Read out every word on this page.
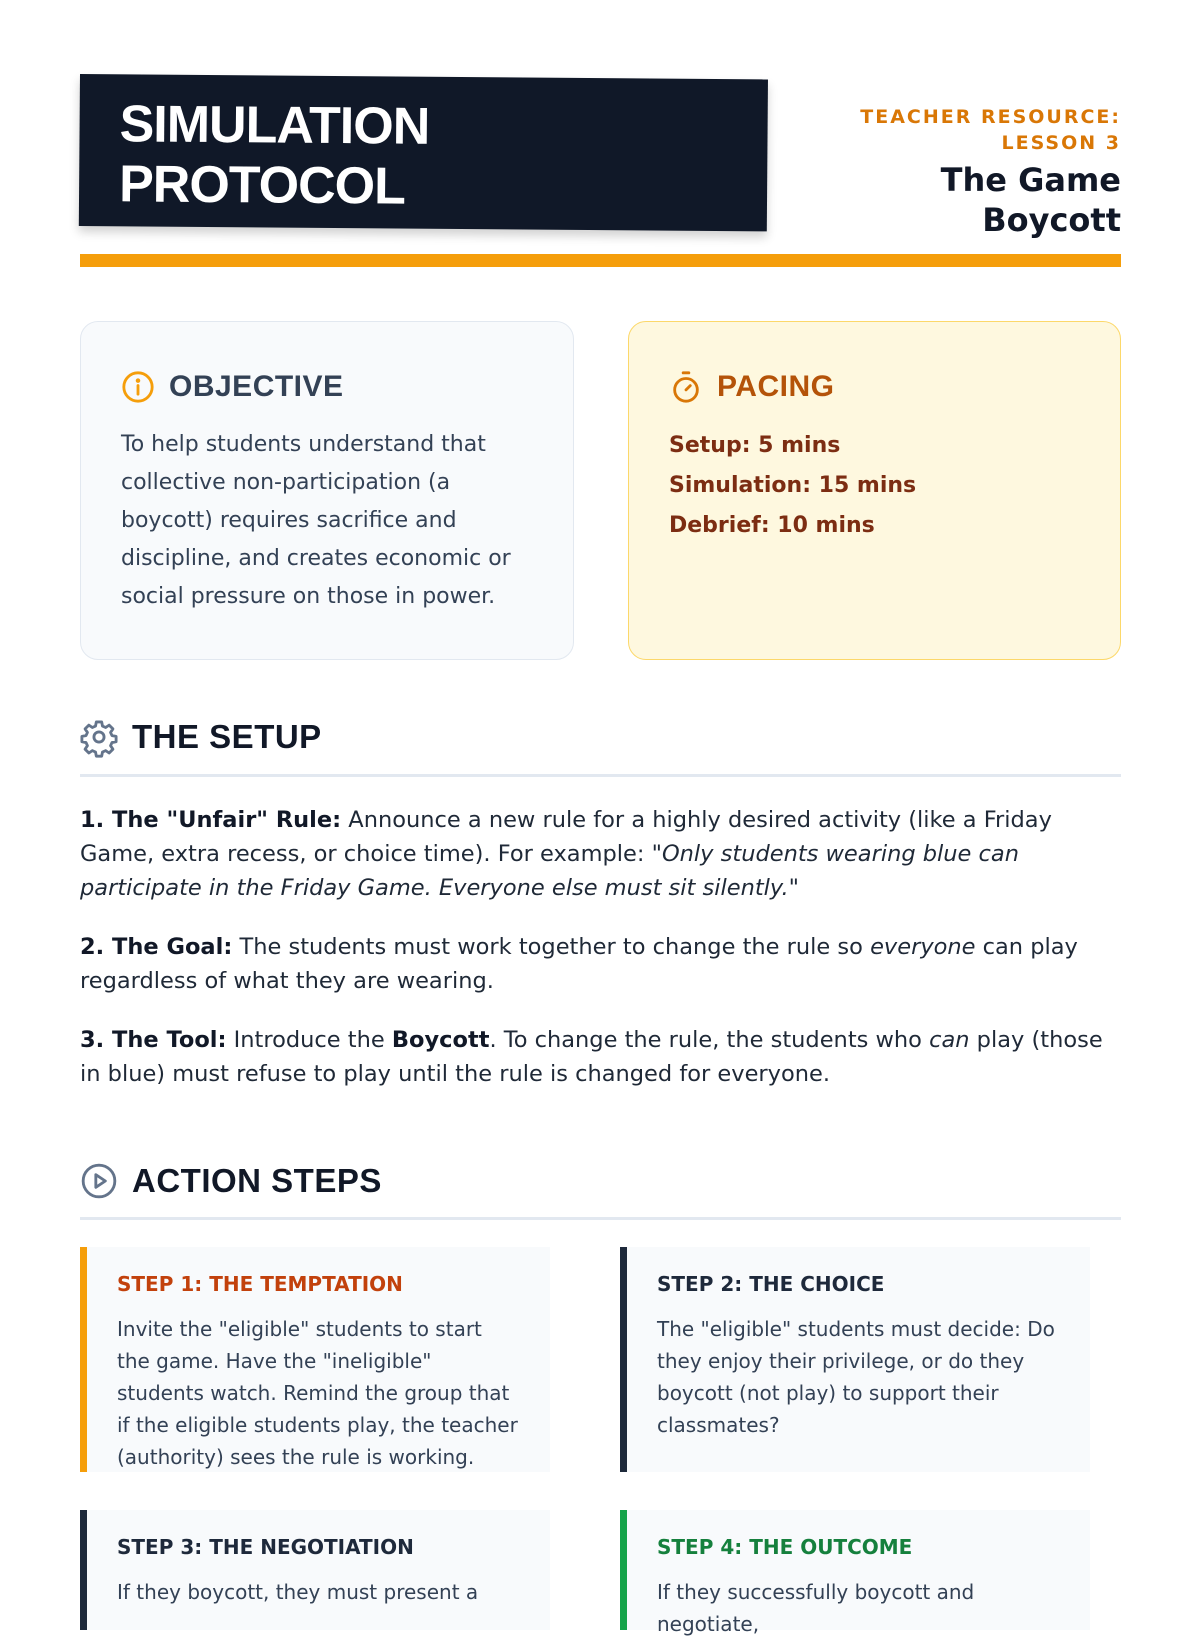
SIMULATION
PROTOCOL
TEACHER RESOURCE: LESSON 3
The Game Boycott
OBJECTIVE

To help students understand that collective non-participation (a boycott) requires sacrifice and discipline, and creates economic or social pressure on those in power.

PACING
Setup: 5 mins
Simulation: 15 mins
Debrief: 10 mins
THE SETUP

1. The "Unfair" Rule: Announce a new rule for a highly desired activity (like a Friday Game, extra recess, or choice time). For example: "Only students wearing blue can participate in the Friday Game. Everyone else must sit silently."

2. The Goal: The students must work together to change the rule so everyone can play regardless of what they are wearing.

3. The Tool: Introduce the Boycott. To change the rule, the students who can play (those in blue) must refuse to play until the rule is changed for everyone.

ACTION STEPS
STEP 1: THE TEMPTATION
Invite the "eligible" students to start the game. Have the "ineligible" students watch. Remind the group that if the eligible students play, the teacher (authority) sees the rule is working.
STEP 2: THE CHOICE
The "eligible" students must decide: Do they enjoy their privilege, or do they boycott (not play) to support their classmates?
STEP 3: THE NEGOTIATION
If they boycott, they must present a
STEP 4: THE OUTCOME
If they successfully boycott and negotiate,
